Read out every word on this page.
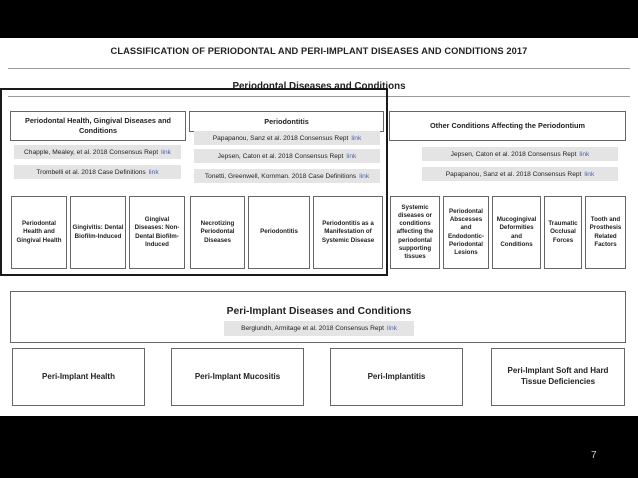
CLASSIFICATION OF PERIODONTAL AND PERI-IMPLANT DISEASES AND CONDITIONS 2017
Periodontal Diseases and Conditions
Periodontal Health, Gingival Diseases and Conditions
Periodontitis	Other Conditions Affecting the Periodontium
Chapple, Mealey, et al. 2018 Consensus Rept link
Trombelli et al. 2018 Case Definitions link
Papapanou, Sanz et al. 2018 Consensus Rept link
Jepsen, Caton et al. 2018 Consensus Rept link
Tonetti, Greenwell, Kornman. 2018 Case Definitions link
Jepsen, Caton et al. 2018 Consensus Rept link
Papapanou, Sanz et al. 2018 Consensus Rept link
Periodontal Health and Gingival Health
Gingivitis: Dental Biofilm-Induced
Gingival Diseases: Non-Dental Biofilm-Induced
Necrotizing Periodontal Diseases
Periodontitis
Periodontitis as a Manifestation of Systemic Disease
Systemic diseases or conditions affecting the periodontal supporting tissues
Periodontal Abscesses and Endodontic-Periodontal Lesions
Mucogingival Deformities and Conditions
Traumatic Occlusal Forces
Tooth and Prosthesis Related Factors
Peri-Implant Diseases and Conditions
Berglundh, Armitage et al. 2018 Consensus Rept link
Peri-Implant Health	Peri-Implant Mucositis	Peri-Implantitis
Peri-Implant Soft and Hard Tissue Deficiencies
7
